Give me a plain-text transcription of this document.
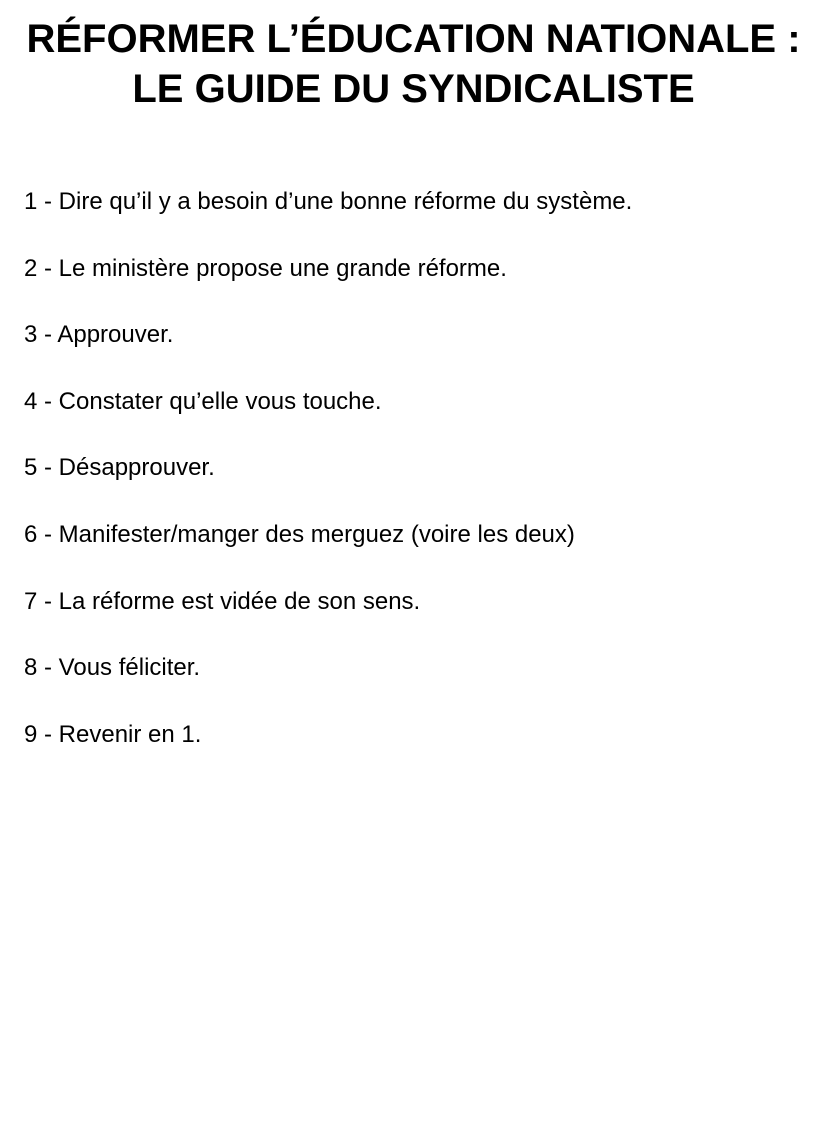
RÉFORMER L’ÉDUCATION NATIONALE :
LE GUIDE DU SYNDICALISTE
1 - Dire qu’il y a besoin d’une bonne réforme du système.
2 - Le ministère propose une grande réforme.
3 - Approuver.
4 - Constater qu’elle vous touche.
5 - Désapprouver.
6 - Manifester/manger des merguez (voire les deux)
7 - La réforme est vidée de son sens.
8 - Vous féliciter.
9 - Revenir en 1.
